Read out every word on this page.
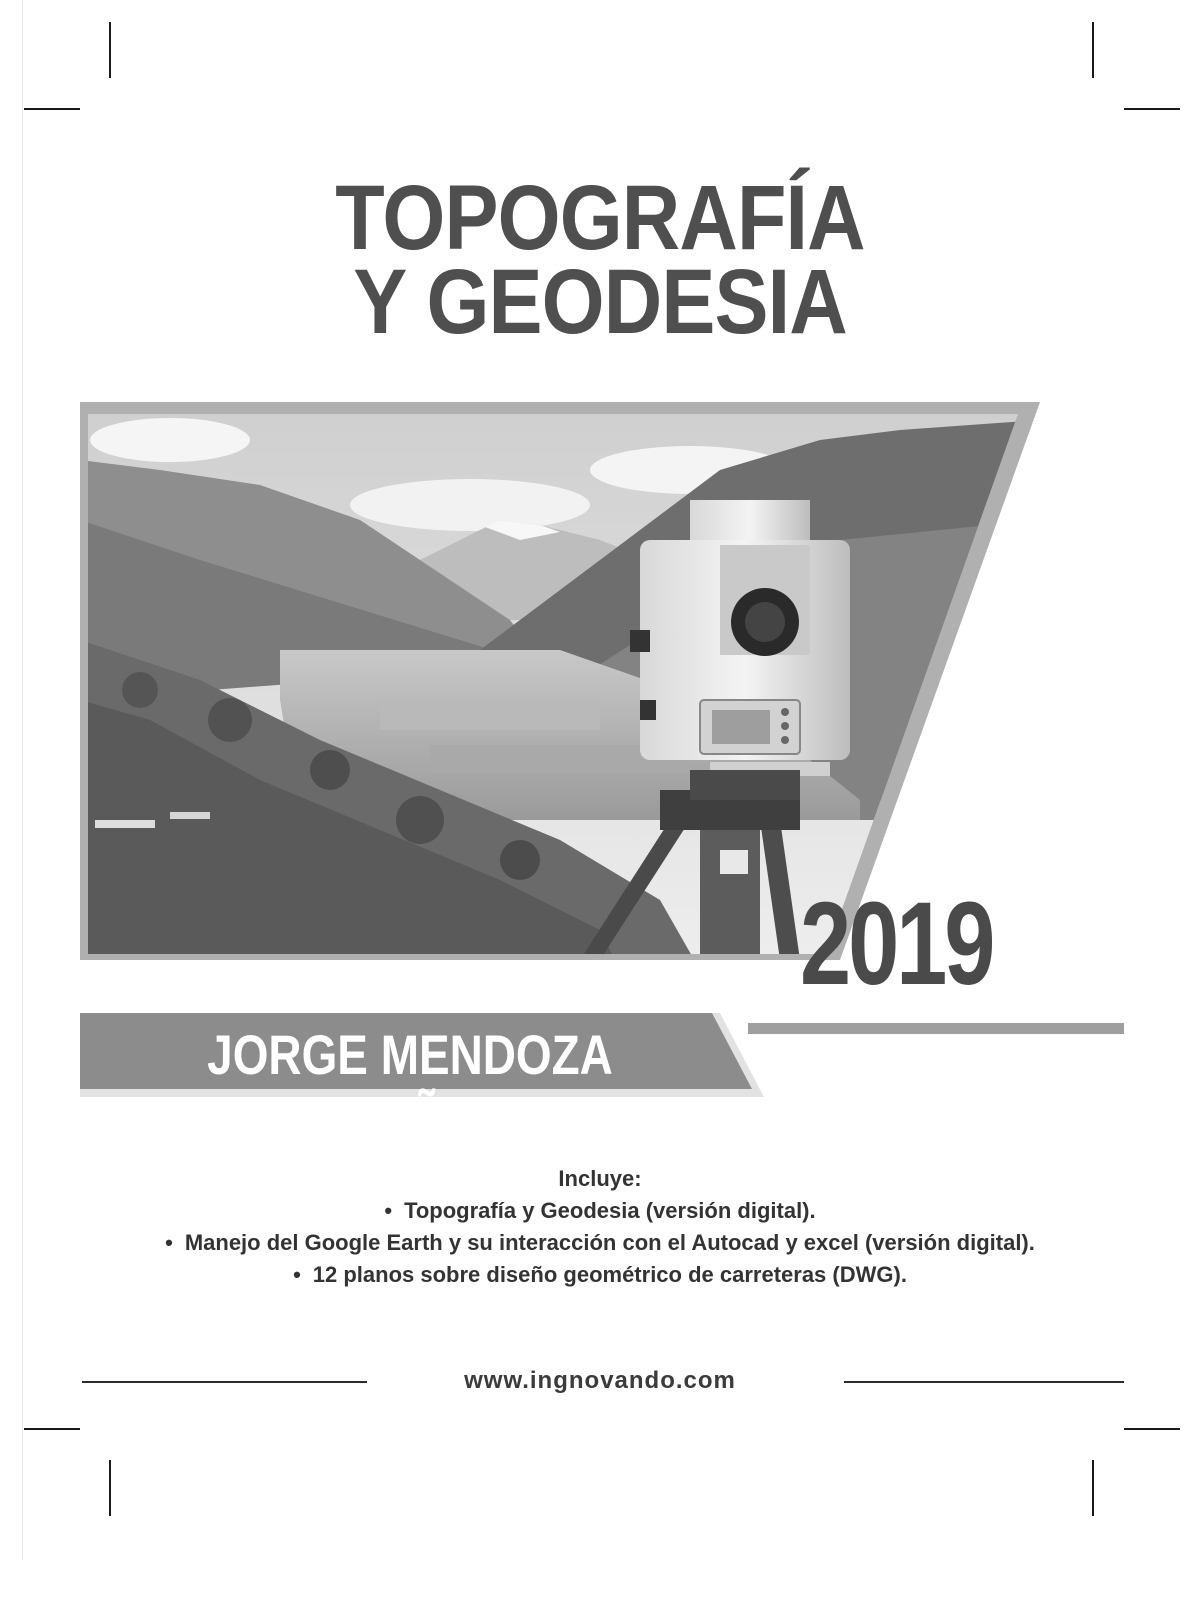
TOPOGRAFÍA
Y GEODESIA
2019
JORGE MENDOZA DUEÑAS
Incluye:
• Topografía y Geodesia (versión digital).
• Manejo del Google Earth y su interacción con el Autocad y excel (versión digital).
• 12 planos sobre diseño geométrico de carreteras (DWG).
www.ingnovando.com
